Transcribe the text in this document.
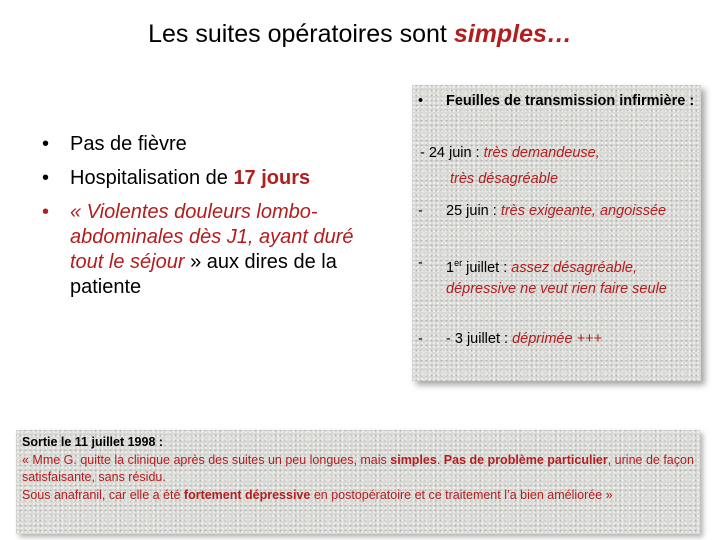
Les suites opératoires sont simples…
• Pas de fièvre
• Hospitalisation de 17 jours
• « Violentes douleurs lombo-abdominales dès J1, ayant duré tout le séjour » aux dires de la patiente
• Feuilles de transmission infirmière :
- 24 juin : très demandeuse,
très désagréable
- 25 juin : très exigeante, angoissée
- 1er juillet : assez désagréable, dépressive ne veut rien faire seule
- - 3 juillet : déprimée +++
Sortie le 11 juillet 1998 :
« Mme G. quitte la clinique après des suites un peu longues, mais simples. Pas de problème particulier, urine de façon satisfaisante, sans résidu.
Sous anafranil, car elle a été fortement dépressive en postopératoire et ce traitement l’a bien améliorée »
